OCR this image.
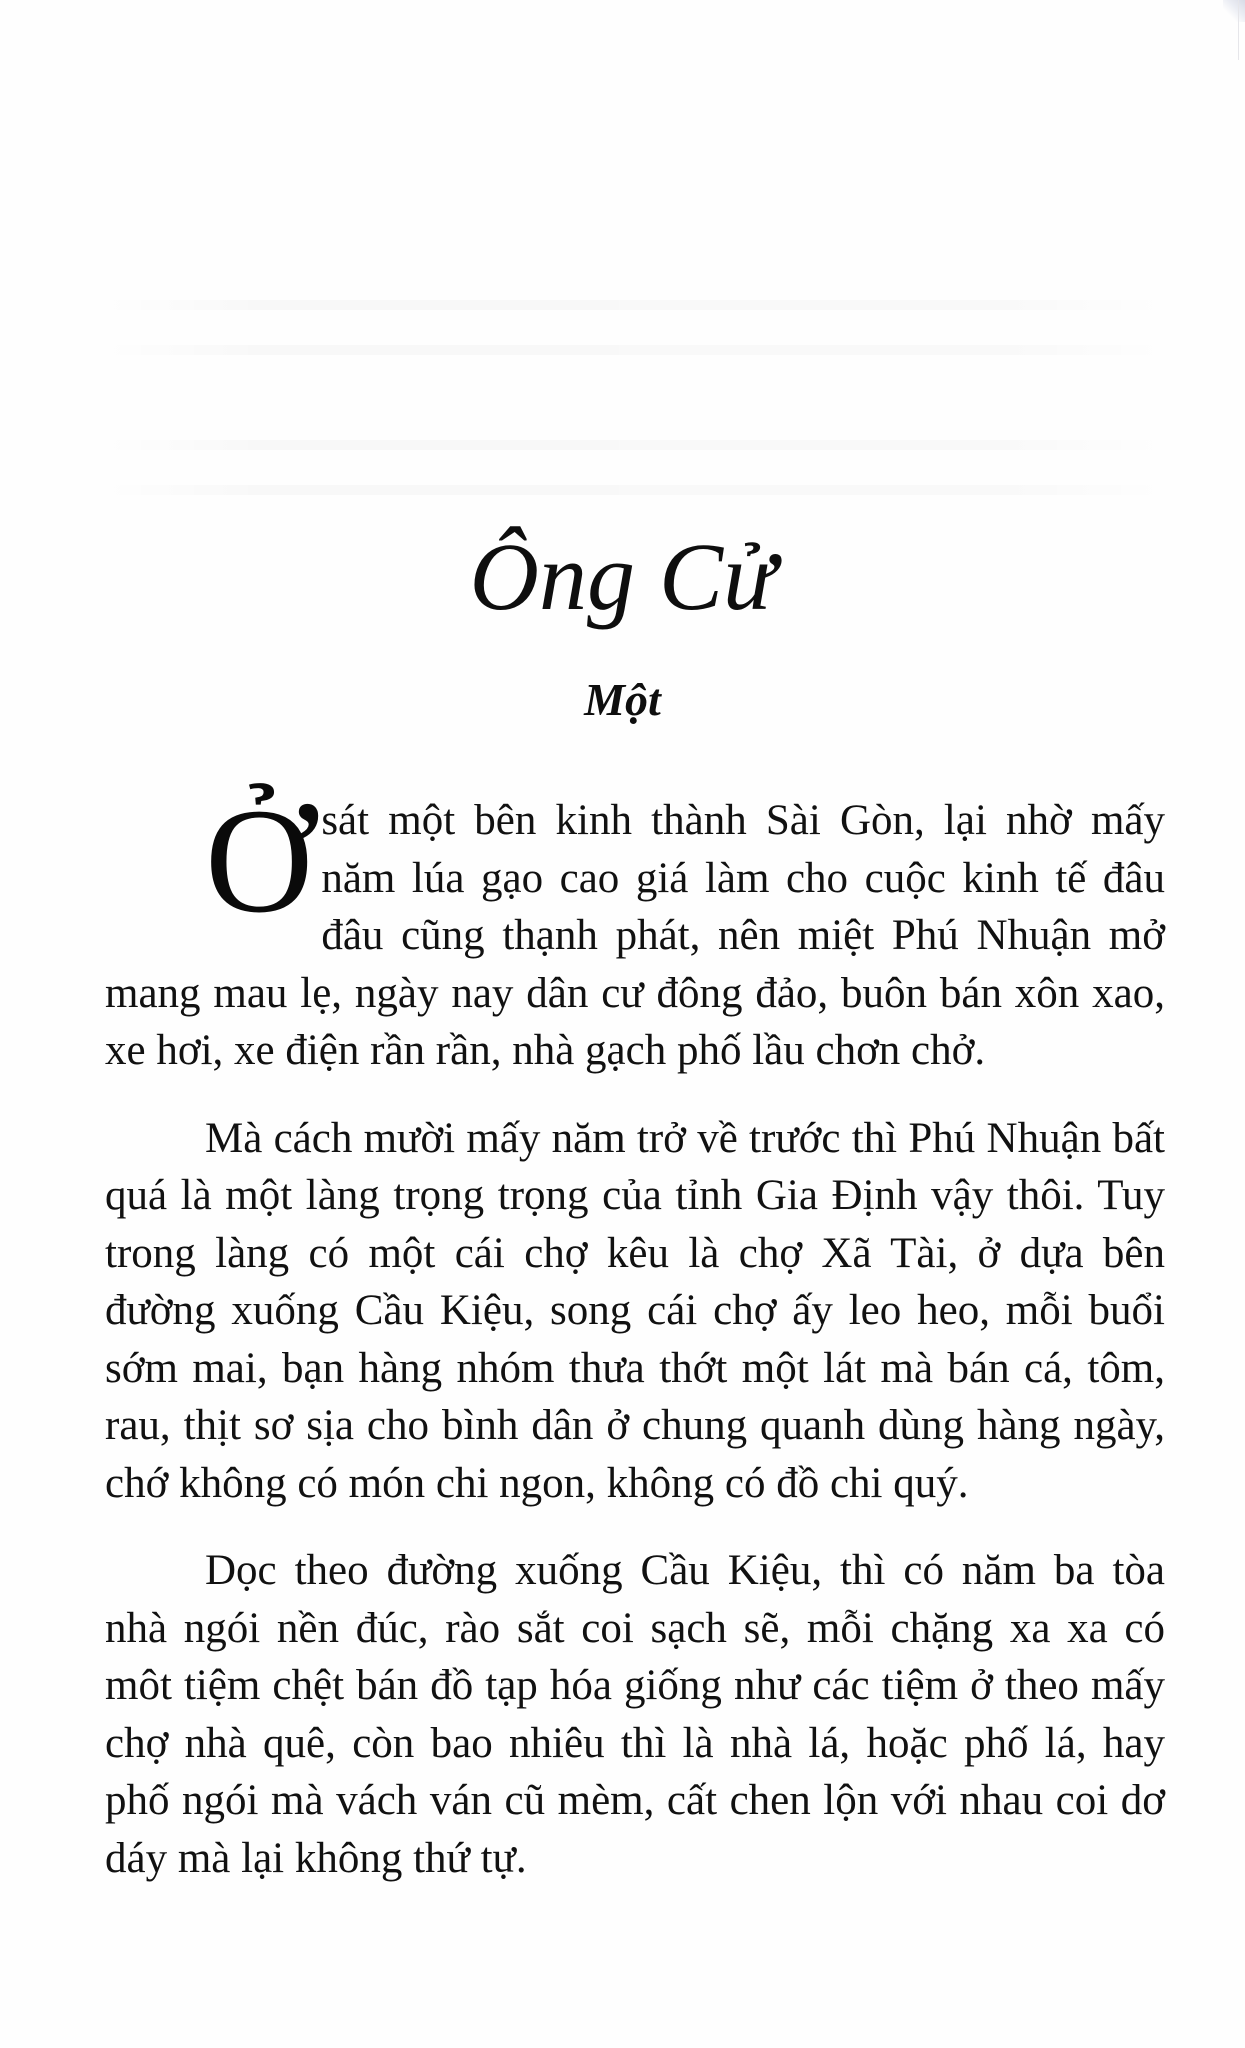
Ông Cử
Một

Ởsát một bên kinh thành Sài Gòn, lại nhờ mấy năm lúa gạo cao giá làm cho cuộc kinh tế đâu đâu cũng thạnh phát, nên miệt Phú Nhuận mở mang mau lẹ, ngày nay dân cư đông đảo, buôn bán xôn xao, xe hơi, xe điện rần rần, nhà gạch phố lầu chơn chở.

Mà cách mười mấy năm trở về trước thì Phú Nhuận bất quá là một làng trọng trọng của tỉnh Gia Định vậy thôi. Tuy trong làng có một cái chợ kêu là chợ Xã Tài, ở dựa bên đường xuống Cầu Kiệu, song cái chợ ấy leo heo, mỗi buổi sớm mai, bạn hàng nhóm thưa thớt một lát mà bán cá, tôm, rau, thịt sơ sịa cho bình dân ở chung quanh dùng hàng ngày, chớ không có món chi ngon, không có đồ chi quý.

Dọc theo đường xuống Cầu Kiệu, thì có năm ba tòa nhà ngói nền đúc, rào sắt coi sạch sẽ, mỗi chặng xa xa có môt tiệm chệt bán đồ tạp hóa giống như các tiệm ở theo mấy chợ nhà quê, còn bao nhiêu thì là nhà lá, hoặc phố lá, hay phố ngói mà vách ván cũ mèm, cất chen lộn với nhau coi dơ dáy mà lại không thứ tự.
